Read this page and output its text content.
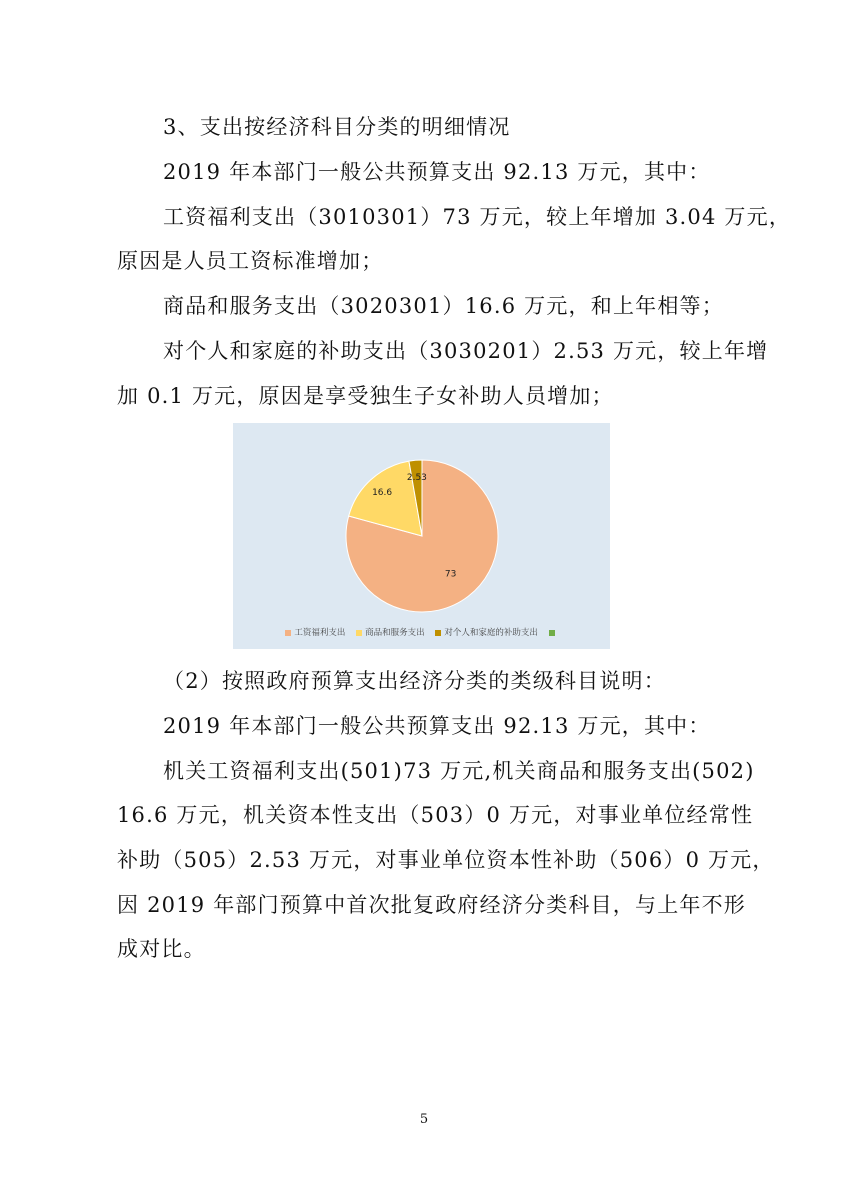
3、支出按经济科目分类的明细情况
2019 年本部门一般公共预算支出 92.13 万元，其中：
工资福利支出（3010301）73 万元，较上年增加 3.04 万元，
原因是人员工资标准增加；
商品和服务支出（3020301）16.6 万元，和上年相等；
对个人和家庭的补助支出（3030201）2.53 万元，较上年增
加 0.1 万元，原因是享受独生子女补助人员增加；
73
16.6
2.53
工资福利支出 商品和服务支出 对个人和家庭的补助支出
（2）按照政府预算支出经济分类的类级科目说明：
2019 年本部门一般公共预算支出 92.13 万元，其中：
机关工资福利支出(501)73 万元,机关商品和服务支出(502)
16.6 万元，机关资本性支出（503）0 万元，对事业单位经常性
补助（505）2.53 万元，对事业单位资本性补助（506）0 万元，
因 2019 年部门预算中首次批复政府经济分类科目，与上年不形
成对比。
5
